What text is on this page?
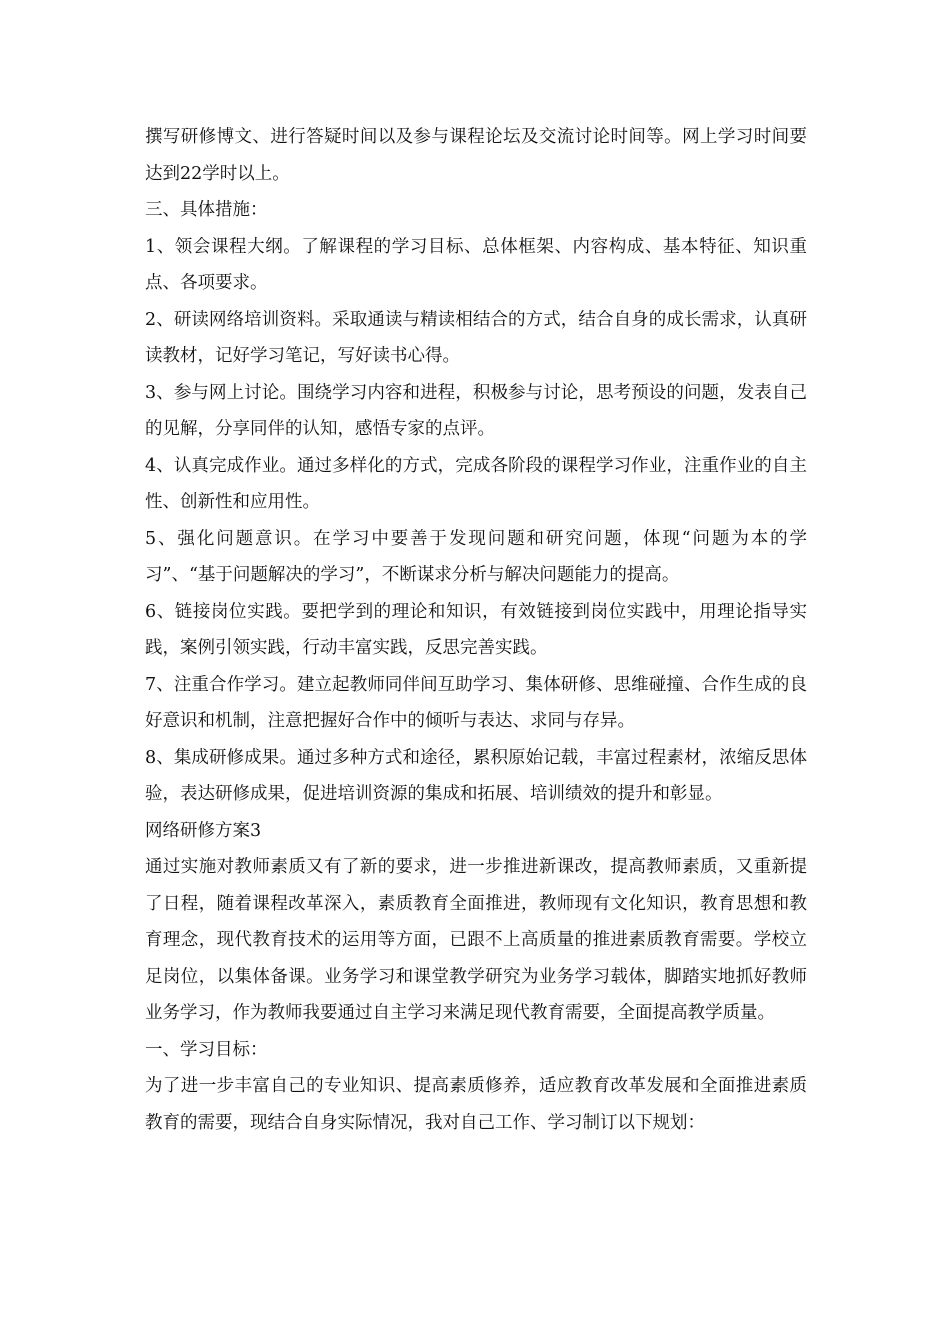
撰写研修博文、进行答疑时间以及参与课程论坛及交流讨论时间等。网上学习时间要达到22学时以上。

三、具体措施：

1、领会课程大纲。了解课程的学习目标、总体框架、内容构成、基本特征、知识重点、各项要求。

2、研读网络培训资料。采取通读与精读相结合的方式，结合自身的成长需求，认真研读教材，记好学习笔记，写好读书心得。

3、参与网上讨论。围绕学习内容和进程，积极参与讨论，思考预设的问题，发表自己的见解，分享同伴的认知，感悟专家的点评。

4、认真完成作业。通过多样化的方式，完成各阶段的课程学习作业，注重作业的自主性、创新性和应用性。

5、强化问题意识。在学习中要善于发现问题和研究问题，体现“问题为本的学习”、“基于问题解决的学习”，不断谋求分析与解决问题能力的提高。

6、链接岗位实践。要把学到的理论和知识，有效链接到岗位实践中，用理论指导实践，案例引领实践，行动丰富实践，反思完善实践。

7、注重合作学习。建立起教师同伴间互助学习、集体研修、思维碰撞、合作生成的良好意识和机制，注意把握好合作中的倾听与表达、求同与存异。

8、集成研修成果。通过多种方式和途径，累积原始记载，丰富过程素材，浓缩反思体验，表达研修成果，促进培训资源的集成和拓展、培训绩效的提升和彰显。

网络研修方案3

通过实施对教师素质又有了新的要求，进一步推进新课改，提高教师素质，又重新提了日程，随着课程改革深入，素质教育全面推进，教师现有文化知识，教育思想和教育理念，现代教育技术的运用等方面，已跟不上高质量的推进素质教育需要。学校立足岗位，以集体备课。业务学习和课堂教学研究为业务学习载体，脚踏实地抓好教师业务学习，作为教师我要通过自主学习来满足现代教育需要，全面提高教学质量。

一、学习目标：

为了进一步丰富自己的专业知识、提高素质修养，适应教育改革发展和全面推进素质教育的需要，现结合自身实际情况，我对自己工作、学习制订以下规划：
